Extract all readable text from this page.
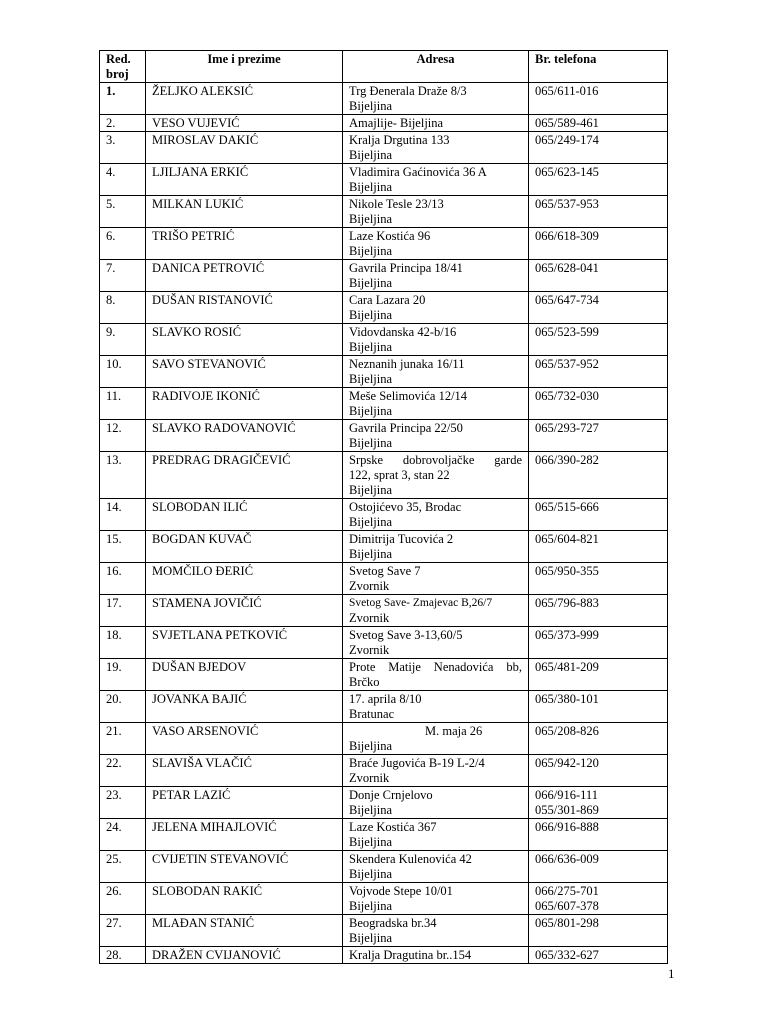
Red.
broj	Ime i prezime	Adresa	Br. telefona
1.	ŽELJKO ALEKSIĆ	Trg Đenerala Draže 8/3
Bijeljina	065/611-016

2.	VESO VUJEVIĆ	Amajlije- Bijeljina	065/589-461

3.	MIROSLAV DAKIĆ	Kralja Drgutina 133
Bijeljina	065/249-174

4.	LJILJANA ERKIĆ	Vladimira Gaćinovića 36 A
Bijeljina	065/623-145

5.	MILKAN LUKIĆ	Nikole Tesle 23/13
Bijeljina	065/537-953

6.	TRIŠO PETRIĆ	Laze Kostića 96
Bijeljina	066/618-309

7.	DANICA PETROVIĆ	Gavrila Principa 18/41
Bijeljina	065/628-041

8.	DUŠAN RISTANOVIĆ	Cara Lazara 20
Bijeljina	065/647-734

9.	SLAVKO ROSIĆ	Vidovdanska 42-b/16
Bijeljina	065/523-599

10.	SAVO STEVANOVIĆ	Neznanih junaka 16/11
Bijeljina	065/537-952

11.	RADIVOJE IKONIĆ	Meše Selimovića 12/14
Bijeljina	065/732-030

12.	SLAVKO RADOVANOVIĆ	Gavrila Principa 22/50
Bijeljina	065/293-727

13.	PREDRAG DRAGIČEVIĆ	Srpske dobrovoljačke garde
122, sprat 3, stan 22
Bijeljina	066/390-282

14.	SLOBODAN ILIĆ	Ostojićevo 35, Brodac
Bijeljina	065/515-666

15.	BOGDAN KUVAČ	Dimitrija Tucovića 2
Bijeljina	065/604-821

16.	MOMČILO ĐERIĆ	Svetog Save 7
Zvornik	065/950-355

17.	STAMENA JOVIČIĆ	Svetog Save- Zmajevac B,26/7
Zvornik	065/796-883

18.	SVJETLANA PETKOVIĆ	Svetog Save 3-13,60/5
Zvornik	065/373-999

19.	DUŠAN BJEDOV	Prote Matije Nenadovića bb,
Brčko	065/481-209

20.	JOVANKA BAJIĆ	17. aprila 8/10
Bratunac	065/380-101

21.	VASO ARSENOVIĆ	M. maja 26
Bijeljina	065/208-826

22.	SLAVIŠA VLAČIĆ	Braće Jugovića B-19 L-2/4
Zvornik	065/942-120

23.	PETAR LAZIĆ	Donje Crnjelovo
Bijeljina	066/916-111
055/301-869

24.	JELENA MIHAJLOVIĆ	Laze Kostića 367
Bijeljina	066/916-888

25.	CVIJETIN STEVANOVIĆ	Skendera Kulenovića 42
Bijeljina	066/636-009

26.	SLOBODAN RAKIĆ	Vojvode Stepe 10/01
Bijeljina	066/275-701
065/607-378

27.	MLAĐAN STANIĆ	Beogradska br.34
Bijeljina	065/801-298

28.	DRAŽEN CVIJANOVIĆ	Kralja Dragutina br..154	065/332-627
1
